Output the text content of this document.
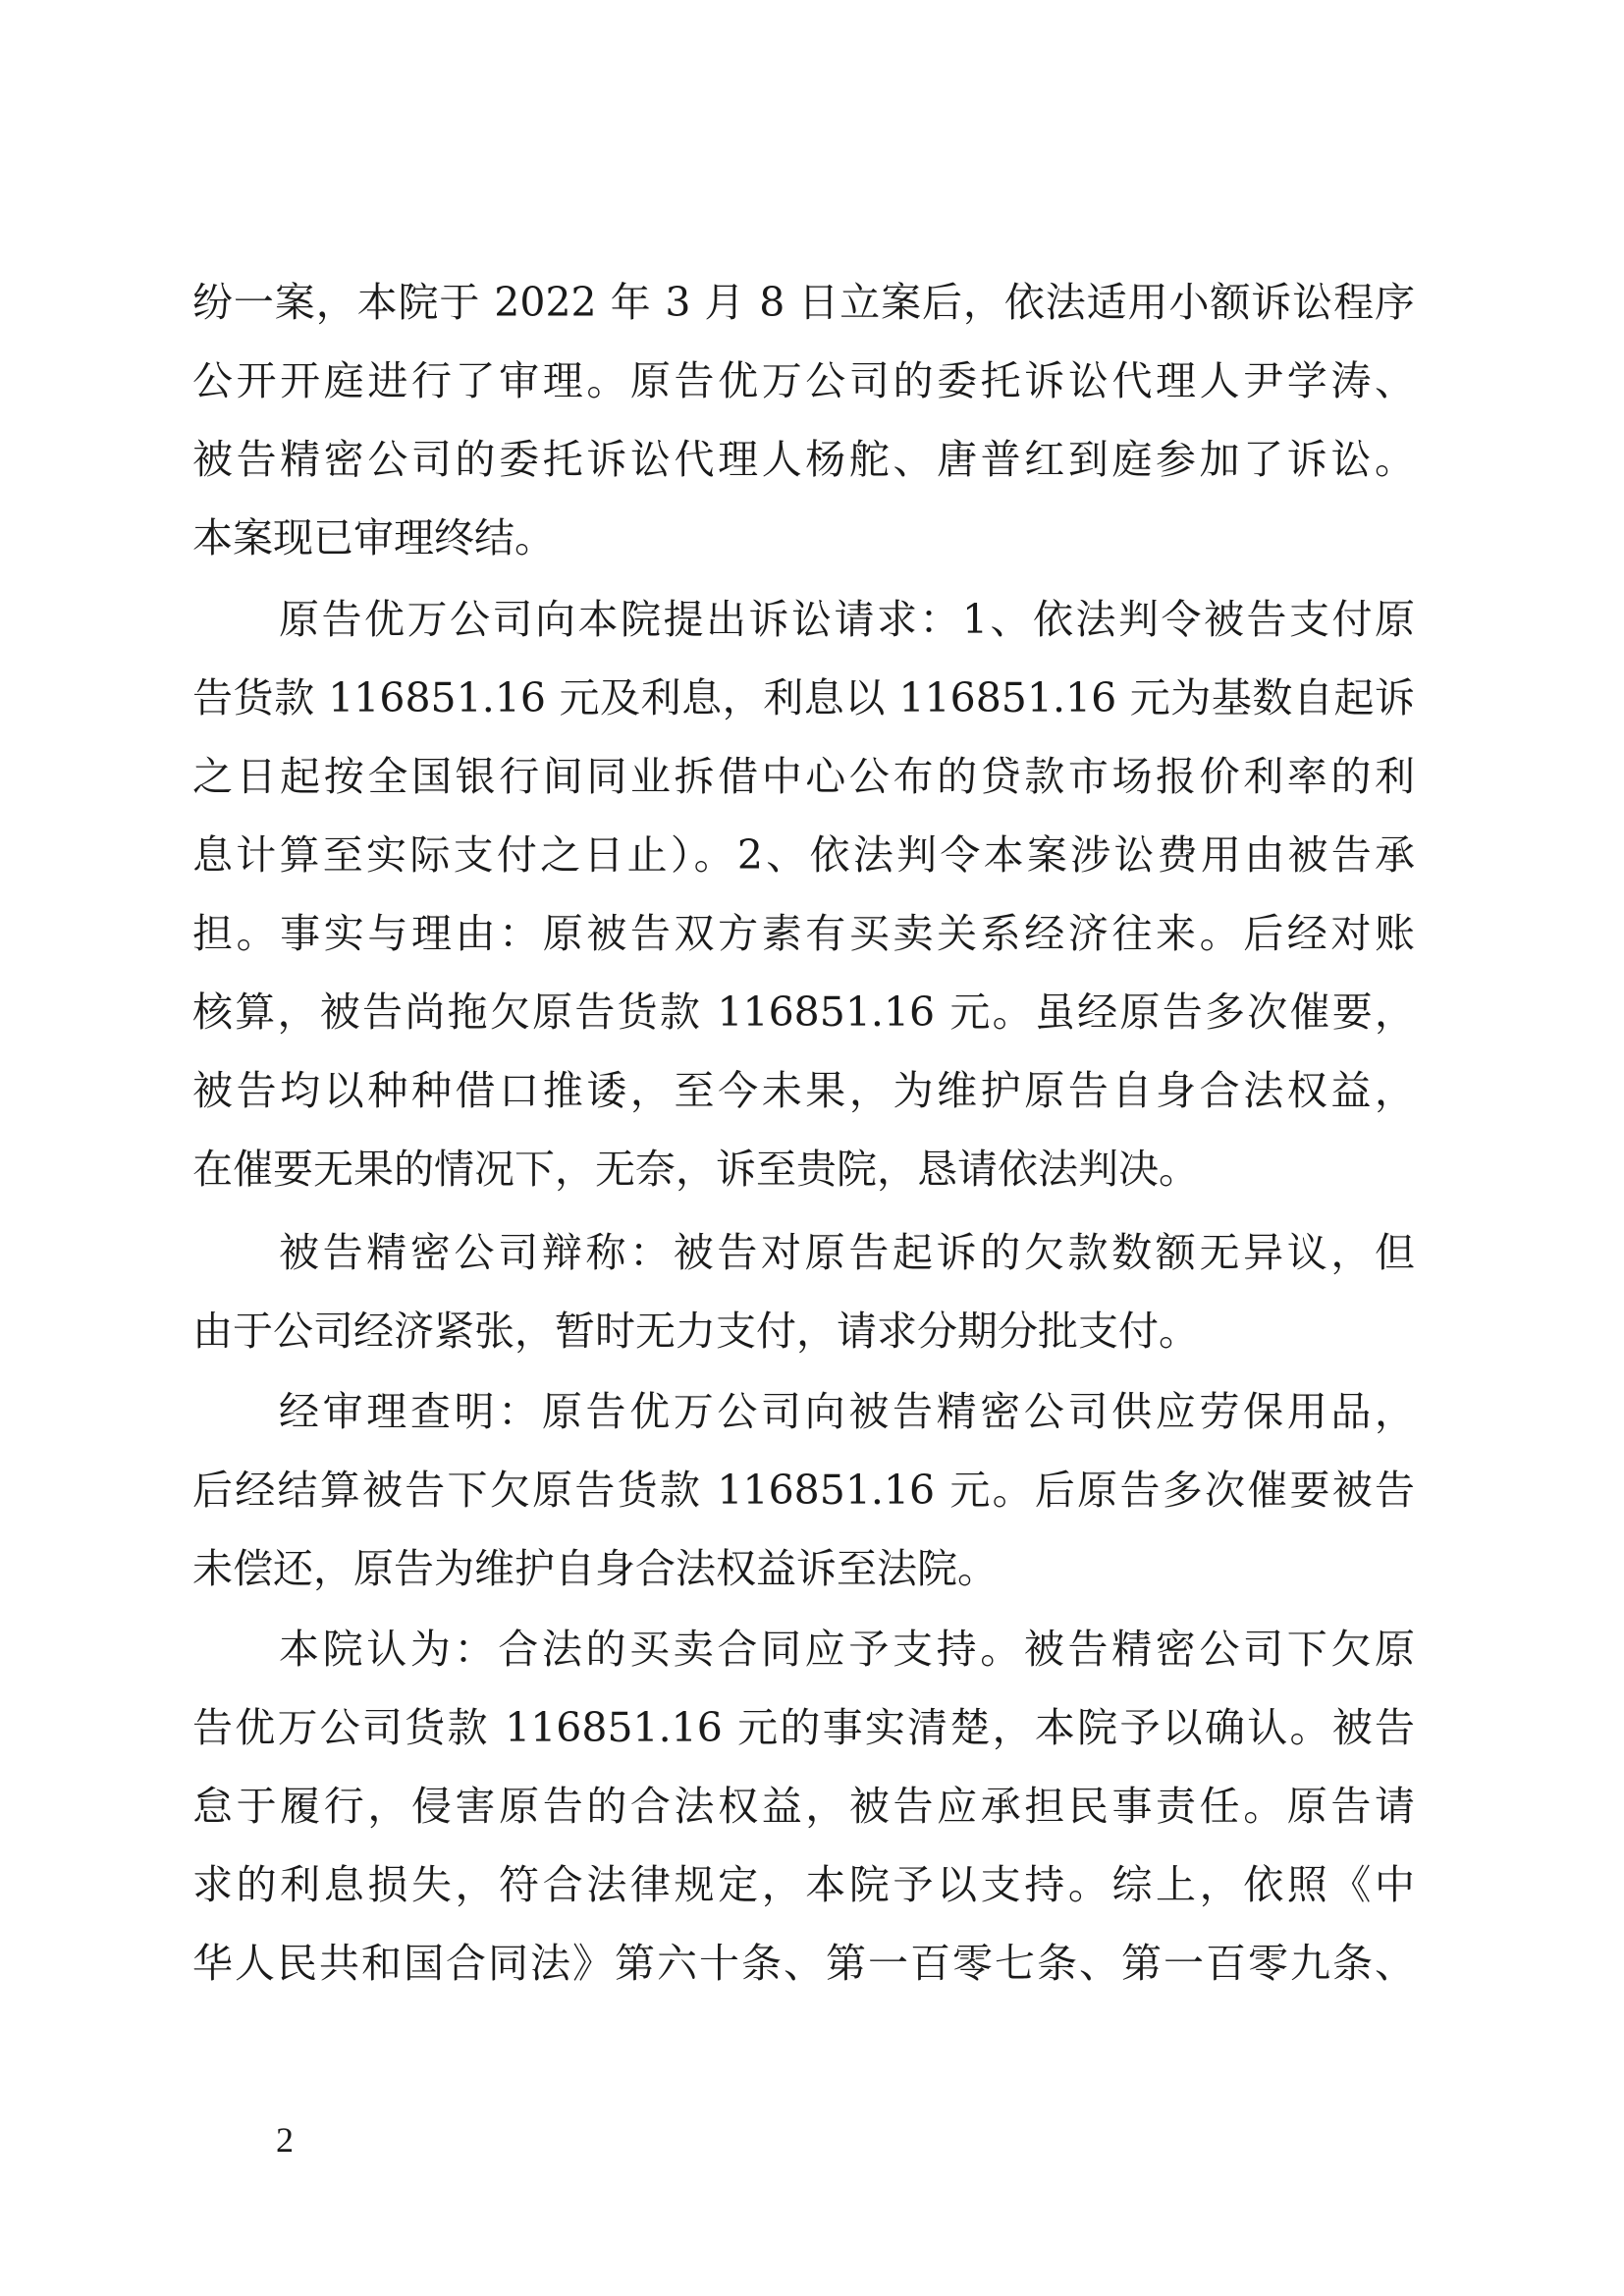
纷一案，本院于 2022 年 3 月 8 日立案后，依法适用小额诉讼程序
公开开庭进行了审理。原告优万公司的委托诉讼代理人尹学涛、
被告精密公司的委托诉讼代理人杨舵、唐普红到庭参加了诉讼。
本案现已审理终结。
原告优万公司向本院提出诉讼请求：1、依法判令被告支付原
告货款 116851.16 元及利息，利息以 116851.16 元为基数自起诉
之日起按全国银行间同业拆借中心公布的贷款市场报价利率的利
息计算至实际支付之日止）。2、依法判令本案涉讼费用由被告承
担。事实与理由：原被告双方素有买卖关系经济往来。后经对账
核算，被告尚拖欠原告货款 116851.16 元。虽经原告多次催要，
被告均以种种借口推诿，至今未果，为维护原告自身合法权益，
在催要无果的情况下，无奈，诉至贵院，恳请依法判决。
被告精密公司辩称：被告对原告起诉的欠款数额无异议，但
由于公司经济紧张，暂时无力支付，请求分期分批支付。
经审理查明：原告优万公司向被告精密公司供应劳保用品，
后经结算被告下欠原告货款 116851.16 元。后原告多次催要被告
未偿还，原告为维护自身合法权益诉至法院。
本院认为：合法的买卖合同应予支持。被告精密公司下欠原
告优万公司货款 116851.16 元的事实清楚，本院予以确认。被告
怠于履行，侵害原告的合法权益，被告应承担民事责任。原告请
求的利息损失，符合法律规定，本院予以支持。综上，依照《中
华人民共和国合同法》第六十条、第一百零七条、第一百零九条、
2
